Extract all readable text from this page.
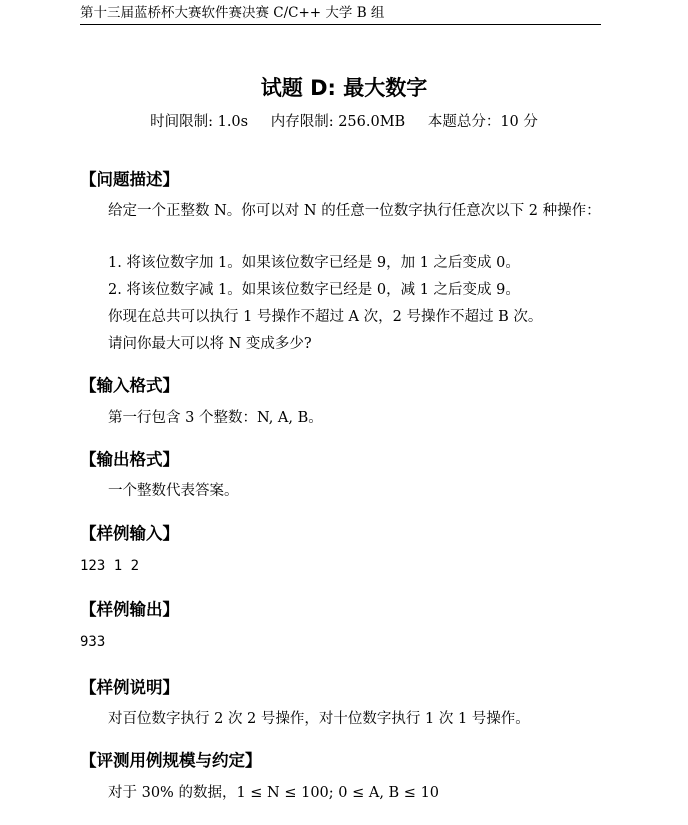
第十三届蓝桥杯大赛软件赛决赛 C/C++ 大学 B 组
试题 D: 最大数字
时间限制: 1.0s 内存限制: 256.0MB 本题总分：10 分
【问题描述】
给定一个正整数 N。你可以对 N 的任意一位数字执行任意次以下 2 种操作：
1. 将该位数字加 1。如果该位数字已经是 9，加 1 之后变成 0。
2. 将该位数字减 1。如果该位数字已经是 0，减 1 之后变成 9。
你现在总共可以执行 1 号操作不超过 A 次，2 号操作不超过 B 次。
请问你最大可以将 N 变成多少?
【输入格式】
第一行包含 3 个整数：N, A, B。
【输出格式】
一个整数代表答案。
【样例输入】
123 1 2
【样例输出】
933
【样例说明】
对百位数字执行 2 次 2 号操作，对十位数字执行 1 次 1 号操作。
【评测用例规模与约定】
对于 30% 的数据，1 ≤ N ≤ 100; 0 ≤ A, B ≤ 10
